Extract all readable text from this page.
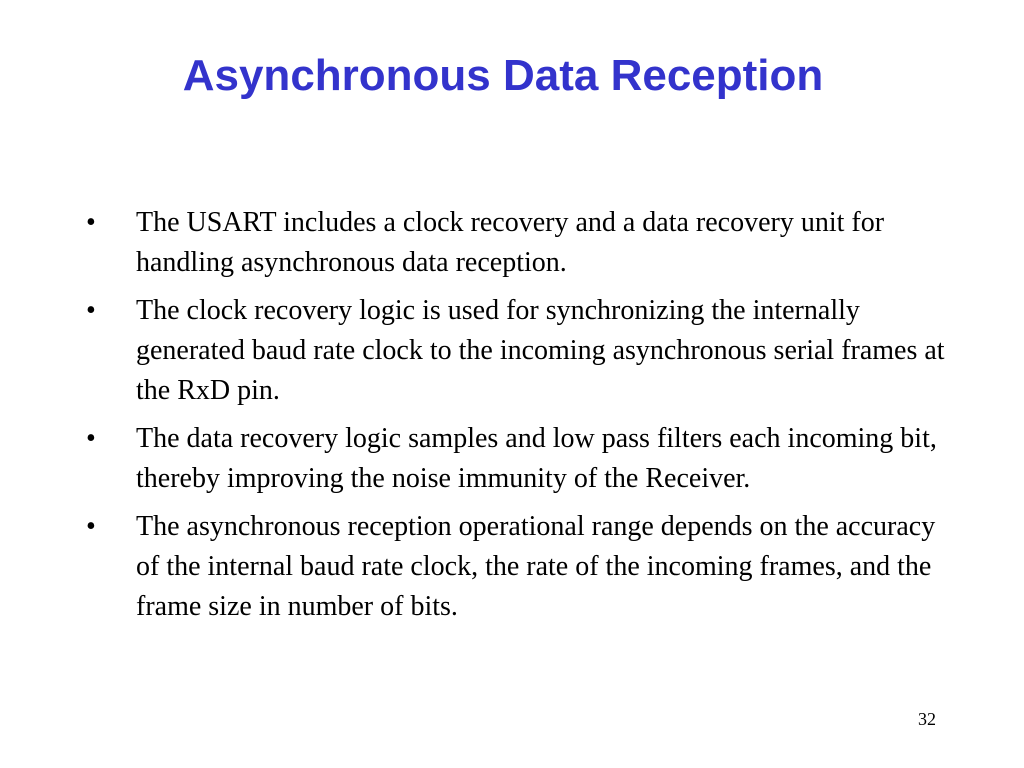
Asynchronous Data Reception
•	The USART includes a clock recovery and a data recovery unit for handling asynchronous data reception.
•	The clock recovery logic is used for synchronizing the internally generated baud rate clock to the incoming asynchronous serial frames at the RxD pin.
•	The data recovery logic samples and low pass filters each incoming bit, thereby improving the noise immunity of the Receiver.
•	The asynchronous reception operational range depends on the accuracy of the internal baud rate clock, the rate of the incoming frames, and the frame size in number of bits.
32
